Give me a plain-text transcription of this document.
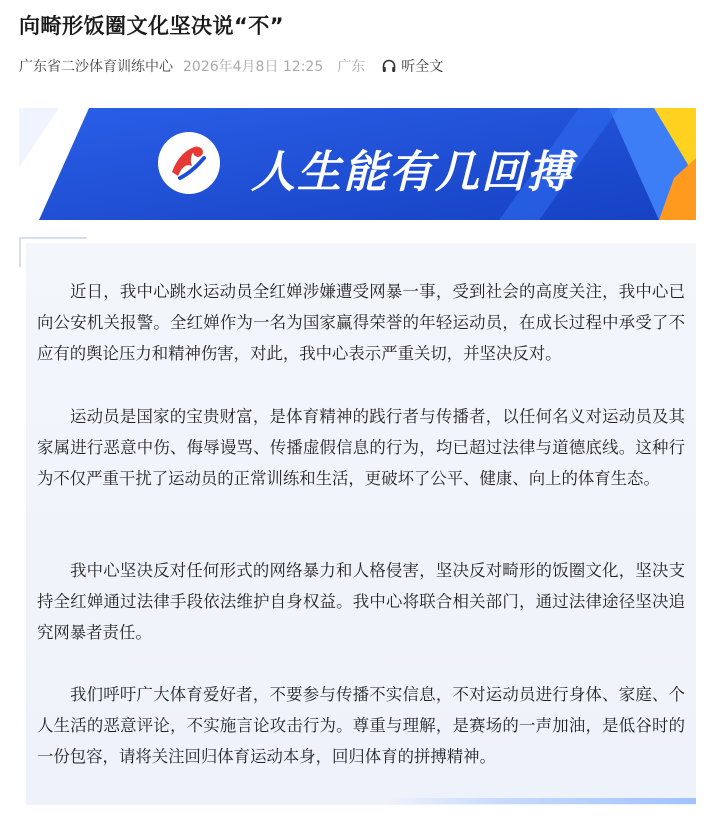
向畸形饭圈文化坚决说“不”
广东省二沙体育训练中心 2026年4月8日 12:25 广东	听全文
人生能有几回搏

近日，我中心跳水运动员全红婵涉嫌遭受网暴一事，受到社会的高度关注，我中心已向公安机关报警。全红婵作为一名为国家赢得荣誉的年轻运动员，在成长过程中承受了不应有的舆论压力和精神伤害，对此，我中心表示严重关切，并坚决反对。

运动员是国家的宝贵财富，是体育精神的践行者与传播者，以任何名义对运动员及其家属进行恶意中伤、侮辱谩骂、传播虚假信息的行为，均已超过法律与道德底线。这种行为不仅严重干扰了运动员的正常训练和生活，更破坏了公平、健康、向上的体育生态。

我中心坚决反对任何形式的网络暴力和人格侵害，坚决反对畸形的饭圈文化，坚决支持全红婵通过法律手段依法维护自身权益。我中心将联合相关部门，通过法律途径坚决追究网暴者责任。

我们呼吁广大体育爱好者，不要参与传播不实信息，不对运动员进行身体、家庭、个人生活的恶意评论，不实施言论攻击行为。尊重与理解，是赛场的一声加油，是低谷时的一份包容，请将关注回归体育运动本身，回归体育的拼搏精神。
